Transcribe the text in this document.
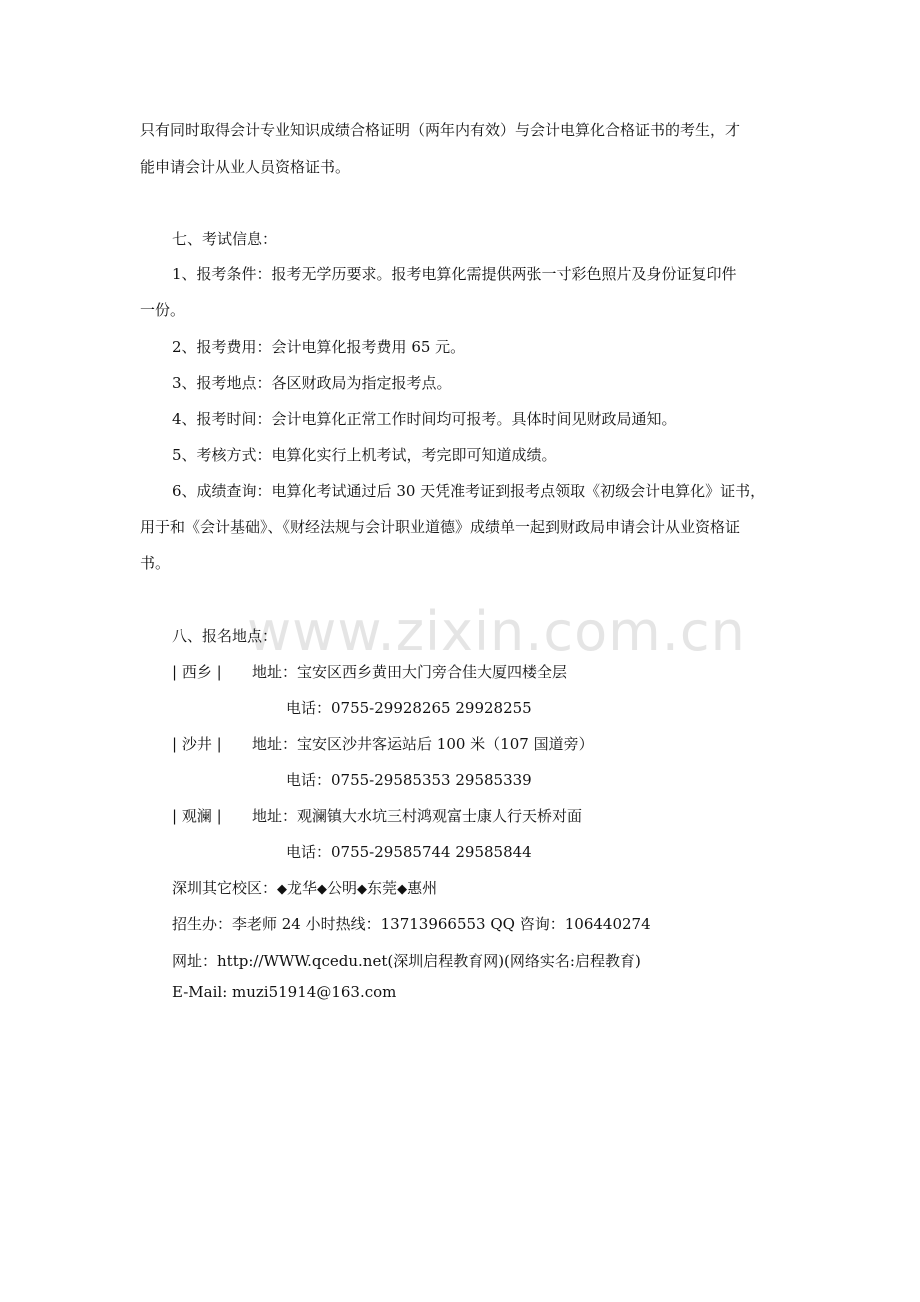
只有同时取得会计专业知识成绩合格证明（两年内有效）与会计电算化合格证书的考生，才
能申请会计从业人员资格证书。
七、考试信息：
1、报考条件：报考无学历要求。报考电算化需提供两张一寸彩色照片及身份证复印件
一份。
2、报考费用：会计电算化报考费用 65 元。
3、报考地点：各区财政局为指定报考点。
4、报考时间：会计电算化正常工作时间均可报考。具体时间见财政局通知。
5、考核方式：电算化实行上机考试，考完即可知道成绩。
6、成绩查询：电算化考试通过后 30 天凭准考证到报考点领取《初级会计电算化》证书，
用于和《会计基础》、《财经法规与会计职业道德》成绩单一起到财政局申请会计从业资格证
书。
www.zixin.com.cn
八、报名地点：
| 西乡 | 地址：宝安区西乡黄田大门旁合佳大厦四楼全层
电话：0755-29928265 29928255
| 沙井 | 地址：宝安区沙井客运站后 100 米（107 国道旁）
电话：0755-29585353 29585339
| 观澜 | 地址：观澜镇大水坑三村鸿观富士康人行天桥对面
电话：0755-29585744 29585844
深圳其它校区：◆龙华◆公明◆东莞◆惠州
招生办：李老师 24 小时热线：13713966553 QQ 咨询：106440274
网址：http://WWW.qcedu.net(深圳启程教育网)(网络实名:启程教育)
E-Mail: muzi51914@163.com
